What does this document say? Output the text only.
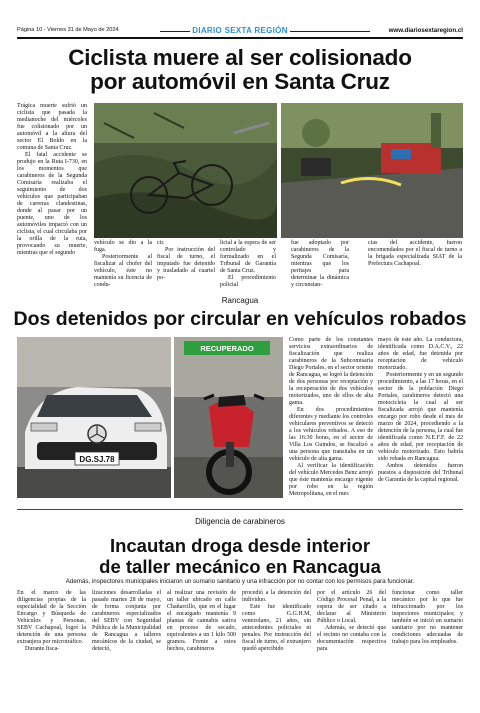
Página 10 - Viernes 31 de Mayo de 2024	DIARIO SEXTA REGIÓN	www.diariosextaregion.cl
Ciclista muere al ser colisionado
por automóvil en Santa Cruz

Trágica muerte sufrió un ciclista que pasada la medianoche del miércoles fue colisionado por un automóvil a la altura del sector El Boldo en la comuna de Santa Cruz.

El fatal accidente se produjo en la Ruta I-730, en los momentos que carabineros de la Segunda Comisaría realizaba el seguimiento de dos vehículos que participaban de carreras clandestinas, donde al pasar por un puente, uno de los automóviles impactó con un ciclista, el cual circulaba por la orilla de la ruta, provocando su muerte, mientras que el segundo

vehículo se dio a la fuga.

Posteriormente al fiscalizar al chofer del vehículo, éste no mantenía su licencia de condu-

cir.

Por instrucción del fiscal de turno, el imputado fue detenido y trasladado al cuartel po-

licial a la espera de ser controlado y formalizado en el Tribunal de Garantía de Santa Cruz.

El procedimiento policial

fue adoptado por carabineros de la Segunda Comisaría, mientras que los peritajes para determinar la dinámica y circunstan-
cias del accidente, fueron encomendados por el fiscal de turno a la brigada especializada SIAT de la Prefectura Cachapoal.
Rancagua
Dos detenidos por circular en vehículos robados
DG.SJ.78
RECUPERADO

Como parte de los constantes servicios extraordinarios de fiscalización que realiza carabineros de la Subcomisaria Diego Portales, en el sector oriente de Rancagua, se logró la detención de dos personas por receptación y la recuperación de dos vehículos motorizados, uno de ellos de alta gama.

En dos procedimientos diferentes y mediante los controles vehiculares preventivos se detectó a los vehículos robados. A eso de las 16:30 horas, en el sector de Villa Los Guindos, se fiscalizó a una persona que transitaba en un vehículo de alta gama.

Al verificar la identificación del vehículo Mercedes Benz arrojó que éste mantenía encargo vigente por robo en la región Metropolitana, en el mes

mayo de este año. La conductora, identificada como D.A.C.V., 22 años de edad, fue detenida por receptación de vehículo motorizado.

Posteriormente y en un segundo procedimiento, a las 17 horas, en el sector de la población Diego Portales, carabineros detectó una motocicleta la cual al ser fiscalizada arrojó que mantenía encargo por robo desde el mes de marzo de 2024, procediendo a la detención de la persona, la cual fue identificada como N.E.F.F. de 22 años de edad, por receptación de vehículo motorizado. Esto habría sido robada en Rancagua.

Ambos detenidos fueron puestos a disposición del Tribunal de Garantía de la capital regional.

Diligencia de carabineros
Incautan droga desde interior
de taller mecánico en Rancagua
Además, inspectores municipales iniciaron un sumario sanitario y una infracción por no contar con los permisos para funcionar.

En el marco de las diligencias propias de la especialidad de la Sección Encargo y Búsqueda de Vehículos y Personas, SEBV Cachapoal, logró la detención de una persona extranjera por microtráfico.

Durante fisca-

lizaciones desarrolladas el pasado martes 28 de mayo, de forma conjunta por carabineros especializados del SEBV con Seguridad Pública de la Municipalidad de Rancagua a talleres mecánicos de la ciudad, se detectó,
al realizar una revisión de un taller ubicado en calle Chañarcillo, que en el lugar el encargado mantenía 9 plantas de cannabis sativa en proceso de secado, equivalentes a un 1 kilo 500 gramos. Frente a estos hechos, carabineros

procedió a la detención del individuo.

Este fue identificado como G.G.H.M, venezolano, 21 años, sin antecedentes policiales ni penales. Por instrucción del fiscal de turno, el extranjero quedó apercibido

por el artículo 26 del Código Procesal Penal, a la espera de ser citado a declarar al Ministerio Público o Local.

Además, se detectó que el recinto no contaba con la documentación respectiva para

funcionar como taller mecánico por lo que fue infraccionado por los inspectores municipales; y también se inició un sumario sanitario por no mantener condiciones adecuadas de trabajo para los empleados.
